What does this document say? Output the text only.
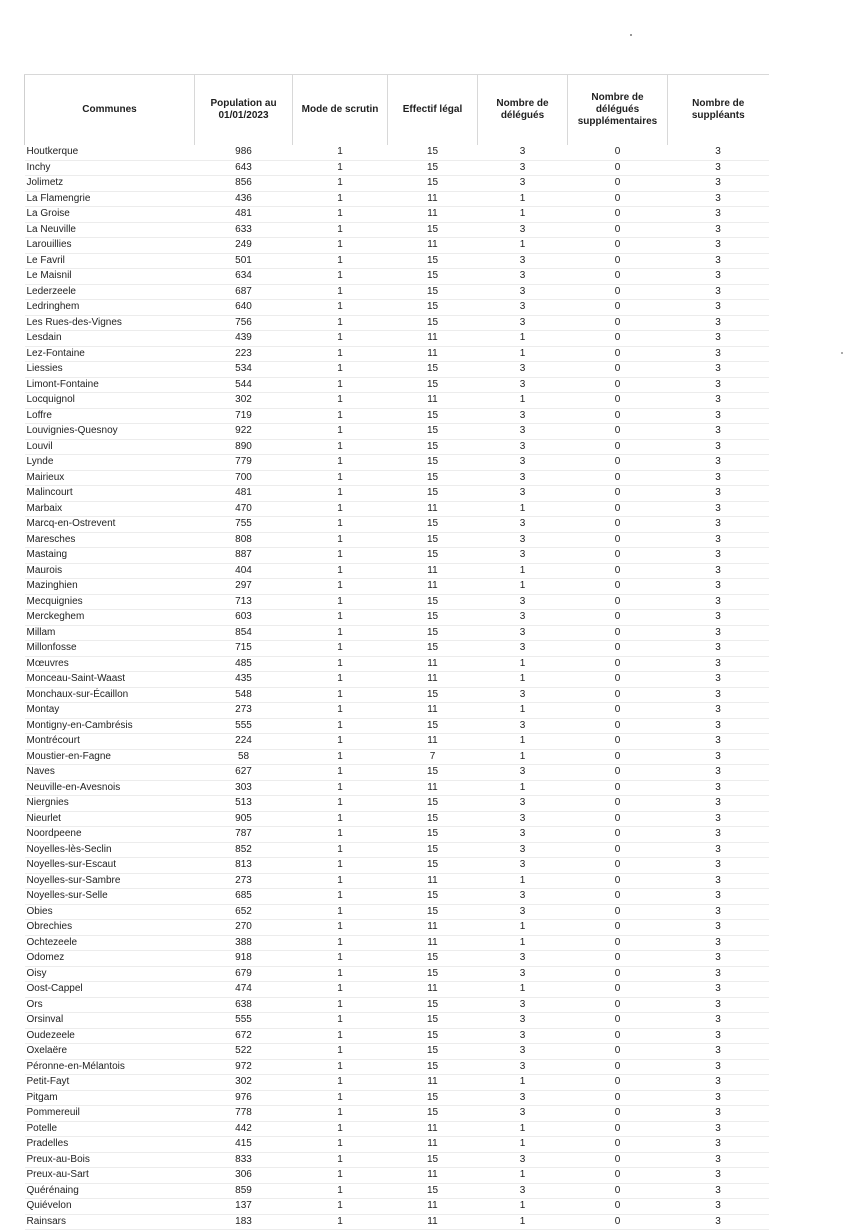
Communes	Population au 01/01/2023	Mode de scrutin	Effectif légal	Nombre de délégués	Nombre de délégués supplémentaires	Nombre de suppléants
Houtkerque	986	1	15	3	0	3
Inchy	643	1	15	3	0	3
Jolimetz	856	1	15	3	0	3
La Flamengrie	436	1	11	1	0	3
La Groise	481	1	11	1	0	3
La Neuville	633	1	15	3	0	3
Larouillies	249	1	11	1	0	3
Le Favril	501	1	15	3	0	3
Le Maisnil	634	1	15	3	0	3
Lederzeele	687	1	15	3	0	3
Ledringhem	640	1	15	3	0	3
Les Rues-des-Vignes	756	1	15	3	0	3
Lesdain	439	1	11	1	0	3
Lez-Fontaine	223	1	11	1	0	3
Liessies	534	1	15	3	0	3
Limont-Fontaine	544	1	15	3	0	3
Locquignol	302	1	11	1	0	3
Loffre	719	1	15	3	0	3
Louvignies-Quesnoy	922	1	15	3	0	3
Louvil	890	1	15	3	0	3
Lynde	779	1	15	3	0	3
Mairieux	700	1	15	3	0	3
Malincourt	481	1	15	3	0	3
Marbaix	470	1	11	1	0	3
Marcq-en-Ostrevent	755	1	15	3	0	3
Maresches	808	1	15	3	0	3
Mastaing	887	1	15	3	0	3
Maurois	404	1	11	1	0	3
Mazinghien	297	1	11	1	0	3
Mecquignies	713	1	15	3	0	3
Merckeghem	603	1	15	3	0	3
Millam	854	1	15	3	0	3
Millonfosse	715	1	15	3	0	3
Mœuvres	485	1	11	1	0	3
Monceau-Saint-Waast	435	1	11	1	0	3
Monchaux-sur-Écaillon	548	1	15	3	0	3
Montay	273	1	11	1	0	3
Montigny-en-Cambrésis	555	1	15	3	0	3
Montrécourt	224	1	11	1	0	3
Moustier-en-Fagne	58	1	7	1	0	3
Naves	627	1	15	3	0	3
Neuville-en-Avesnois	303	1	11	1	0	3
Niergnies	513	1	15	3	0	3
Nieurlet	905	1	15	3	0	3
Noordpeene	787	1	15	3	0	3
Noyelles-lès-Seclin	852	1	15	3	0	3
Noyelles-sur-Escaut	813	1	15	3	0	3
Noyelles-sur-Sambre	273	1	11	1	0	3
Noyelles-sur-Selle	685	1	15	3	0	3
Obies	652	1	15	3	0	3
Obrechies	270	1	11	1	0	3
Ochtezeele	388	1	11	1	0	3
Odomez	918	1	15	3	0	3
Oisy	679	1	15	3	0	3
Oost-Cappel	474	1	11	1	0	3
Ors	638	1	15	3	0	3
Orsinval	555	1	15	3	0	3
Oudezeele	672	1	15	3	0	3
Oxelaëre	522	1	15	3	0	3
Péronne-en-Mélantois	972	1	15	3	0	3
Petit-Fayt	302	1	11	1	0	3
Pitgam	976	1	15	3	0	3
Pommereuil	778	1	15	3	0	3
Potelle	442	1	11	1	0	3
Pradelles	415	1	11	1	0	3
Preux-au-Bois	833	1	15	3	0	3
Preux-au-Sart	306	1	11	1	0	3
Quérénaing	859	1	15	3	0	3
Quiévelon	137	1	11	1	0	3
Rainsars	183	1	11	1	0	3
